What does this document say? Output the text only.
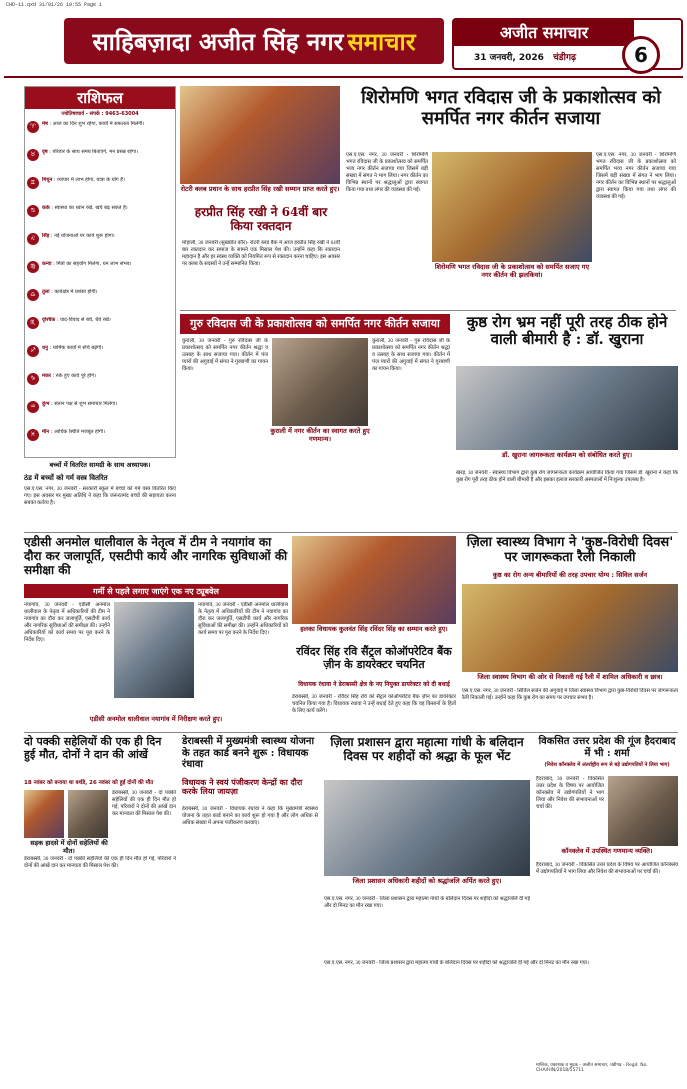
CHD-11.qxd 31/01/26 19:55 Page 1
साहिबज़ादा अजीत सिंह नगर समाचार	अजीत समाचार
31 जनवरी, 2026 चंडीगढ़	6
राशिफल
ज्योतिषाचार्य - संपर्क : 9463-63004
♈	मेष : आज का दिन शुभ रहेगा, कार्यों में सफलता मिलेगी।
♉	वृष : परिवार के साथ समय बिताएंगे, मन प्रसन्न रहेगा।
♊	मिथुन : व्यापार में लाभ होगा, यात्रा के योग हैं।
♋	कर्क : स्वास्थ्य का ध्यान रखें, खर्च बढ़ सकते हैं।
♌	सिंह : नई योजनाओं पर कार्य शुरू होगा।
♍	कन्या : मित्रों का सहयोग मिलेगा, धन लाभ संभव।
♎	तुला : कार्यक्षेत्र में प्रशंसा होगी।
♏	वृश्चिक : वाद-विवाद से बचें, धैर्य रखें।
♐	धनु : धार्मिक कार्यों में रुचि बढ़ेगी।
♑	मकर : रुके हुए कार्य पूरे होंगे।
♒	कुंभ : संतान पक्ष से शुभ समाचार मिलेगा।
♓	मीन : आर्थिक स्थिति मजबूत होगी।
रोटरी क्लब प्रधान के साथ हरप्रीत सिंह रखी सम्मान प्राप्त करते हुए।
हरप्रीत सिंह रखी ने 64वीं बार किया रक्तदान
मोहाली, 30 जनवरी (सुखप्रीत कौर)- रोटरी ब्लड बैंक में आज हरप्रीत सिंह रखी ने 64वीं बार रक्तदान कर समाज के सामने एक मिसाल पेश की। उन्होंने कहा कि रक्तदान महादान है और हर स्वस्थ व्यक्ति को नियमित रूप से रक्तदान करना चाहिए। इस अवसर पर क्लब के सदस्यों ने उन्हें सम्मानित किया।
शिरोमणि भगत रविदास जी के प्रकाशोत्सव को समर्पित नगर कीर्तन सजाया
एस.ए.एस. नगर, 30 जनवरी - शिरोमणि भगत रविदास जी के प्रकाशोत्सव को समर्पित भव्य नगर कीर्तन सजाया गया जिसमें बड़ी संख्या में संगत ने भाग लिया। नगर कीर्तन का विभिन्न स्थानों पर श्रद्धालुओं द्वारा स्वागत किया गया तथा लंगर की व्यवस्था की गई।
एस.ए.एस. नगर, 30 जनवरी - शिरोमणि भगत रविदास जी के प्रकाशोत्सव को समर्पित भव्य नगर कीर्तन सजाया गया जिसमें बड़ी संख्या में संगत ने भाग लिया। नगर कीर्तन का विभिन्न स्थानों पर श्रद्धालुओं द्वारा स्वागत किया गया तथा लंगर की व्यवस्था की गई।
शिरोमणि भगत रविदास जी के प्रकाशोत्सव को समर्पित सजाए गए नगर कीर्तन की झलकियां।
गुरु रविदास जी के प्रकाशोत्सव को समर्पित नगर कीर्तन सजाया
कुराली, 30 जनवरी - गुरु रविदास जी के प्रकाशोत्सव को समर्पित नगर कीर्तन श्रद्धा व उत्साह के साथ सजाया गया। कीर्तन में पंज प्यारों की अगुवाई में संगत ने गुरबाणी का गायन किया।
कुराली में नगर कीर्तन का स्वागत करते हुए गणमान्य।
कुराली, 30 जनवरी - गुरु रविदास जी के प्रकाशोत्सव को समर्पित नगर कीर्तन श्रद्धा व उत्साह के साथ सजाया गया। कीर्तन में पंज प्यारों की अगुवाई में संगत ने गुरबाणी का गायन किया।
कुष्ठ रोग भ्रम नहीं पूरी तरह ठीक होने वाली बीमारी है : डॉ. खुराना
डॉ. खुराना जागरूकता कार्यक्रम को संबोधित करते हुए।
खरड़, 30 जनवरी - स्वास्थ्य विभाग द्वारा कुष्ठ रोग जागरूकता कार्यक्रम आयोजित किया गया जिसमें डॉ. खुराना ने कहा कि कुष्ठ रोग पूरी तरह ठीक होने वाली बीमारी है और इसका इलाज सरकारी अस्पतालों में निःशुल्क उपलब्ध है।
बच्चों में वितरित सामग्री के साथ अध्यापक।
ठंड में बच्चों को गर्म वस्त्र वितरित
एस.ए.एस. नगर, 30 जनवरी - सरकारी स्कूल में बच्चों को गर्म वस्त्र वितरित किए गए। इस अवसर पर मुख्य अतिथि ने कहा कि जरूरतमंद बच्चों की सहायता करना सबका कर्तव्य है।
एडीसी अनमोल धालीवाल के नेतृत्व में टीम ने नयागांव का दौरा कर जलापूर्ति, एसटीपी कार्य और नागरिक सुविधाओं की समीक्षा की
गर्मी से पहले लगाए जाएंगे एक नए ट्यूबवेल
नयागांव, 30 जनवरी - एडीसी अनमोल धालीवाल के नेतृत्व में अधिकारियों की टीम ने नयागांव का दौरा कर जलापूर्ति, एसटीपी कार्य और नागरिक सुविधाओं की समीक्षा की। उन्होंने अधिकारियों को कार्य समय पर पूरा करने के निर्देश दिए।
नयागांव, 30 जनवरी - एडीसी अनमोल धालीवाल के नेतृत्व में अधिकारियों की टीम ने नयागांव का दौरा कर जलापूर्ति, एसटीपी कार्य और नागरिक सुविधाओं की समीक्षा की। उन्होंने अधिकारियों को कार्य समय पर पूरा करने के निर्देश दिए।
एडीसी अनमोल धालीवाल नयागांव में निरीक्षण करते हुए।
हलका विधायक कुलवंत सिंह रविंदर सिंह का सम्मान करते हुए।
रविंदर सिंह रवि सैंट्रल कोऑपरेटिव बैंक ज़ीन के डायरेक्टर चयनित
विधायक रंधावा ने डेराबस्सी क्षेत्र के नए नियुक्त डायरेक्टर को दी बधाई
डेराबस्सी, 30 जनवरी - रविंदर सिंह रवि को सैंट्रल कोऑपरेटिव बैंक ज़ीन का डायरेक्टर चयनित किया गया है। विधायक रंधावा ने उन्हें बधाई देते हुए कहा कि वह किसानों के हितों के लिए कार्य करेंगे।
ज़िला स्वास्थ्य विभाग ने 'कुष्ठ-विरोधी दिवस' पर जागरूकता रैली निकाली
कुष्ठ का रोग अन्य बीमारियों की तरह उपचार योग्य : सिविल सर्जन
जिला स्वास्थ्य विभाग की ओर से निकाली गई रैली में शामिल अधिकारी व छात्र।
एस.ए.एस. नगर, 30 जनवरी - सिविल सर्जन की अगुवाई में जिला स्वास्थ्य विभाग द्वारा कुष्ठ-विरोधी दिवस पर जागरूकता रैली निकाली गई। उन्होंने कहा कि कुष्ठ रोग का समय पर उपचार संभव है।
दो पक्की सहेलियों की एक ही दिन हुई मौत, दोनों ने दान की आंखें
18 नवंबर को बनाया था बर्थडे, 26 नवंबर को हुई दोनों की मौत
सड़क हादसे में दोनों सहेलियों की मौत।
डेराबस्सी, 30 जनवरी - दो पक्की सहेलियों की एक ही दिन मौत हो गई, परिवारों ने दोनों की आंखें दान कर मानवता की मिसाल पेश की।
डेराबस्सी, 30 जनवरी - दो पक्की सहेलियों की एक ही दिन मौत हो गई, परिवारों ने दोनों की आंखें दान कर मानवता की मिसाल पेश की।
डेराबस्सी में मुख्यमंत्री स्वास्थ्य योजना के तहत कार्ड बनने शुरू : विधायक रंधावा
विधायक ने स्वयं पंजीकरण केन्द्रों का दौरा करके लिया जायज़ा
डेराबस्सी, 30 जनवरी - विधायक रंधावा ने कहा कि मुख्यमंत्री स्वास्थ्य योजना के तहत कार्ड बनाने का कार्य शुरू हो गया है और लोग अधिक से अधिक संख्या में अपना पंजीकरण करवाएं।
ज़िला प्रशासन द्वारा महात्मा गांधी के बलिदान दिवस पर शहीदों को श्रद्धा के फूल भेंट
जिला प्रशासन अधिकारी शहीदों को श्रद्धांजलि अर्पित करते हुए।
एस.ए.एस. नगर, 30 जनवरी - जिला प्रशासन द्वारा महात्मा गांधी के बलिदान दिवस पर शहीदों को श्रद्धांजलि दी गई और दो मिनट का मौन रखा गया।
विकसित उत्तर प्रदेश की गूंज हैदराबाद में भी : शर्मा
(निवेश कॉनक्लेव में अंतर्राष्ट्रीय रूप से बड़े उद्योगपतियों ने लिया भाग)
हैदराबाद, 30 जनवरी - विकसित उत्तर प्रदेश के विषय पर आयोजित कॉनक्लेव में उद्योगपतियों ने भाग लिया और निवेश की संभावनाओं पर चर्चा की।
कॉनक्लेव में उपस्थित गणमान्य व्यक्ति।
हैदराबाद, 30 जनवरी - विकसित उत्तर प्रदेश के विषय पर आयोजित कॉनक्लेव में उद्योगपतियों ने भाग लिया और निवेश की संभावनाओं पर चर्चा की।
एस.ए.एस. नगर, 30 जनवरी - जिला प्रशासन द्वारा महात्मा गांधी के बलिदान दिवस पर शहीदों को श्रद्धांजलि दी गई और दो मिनट का मौन रखा गया।
मालिक, प्रकाशक व मुद्रक - अजीत समाचार, चंडीगढ़ - Regd. No. CHA/HIN/2018/55711
